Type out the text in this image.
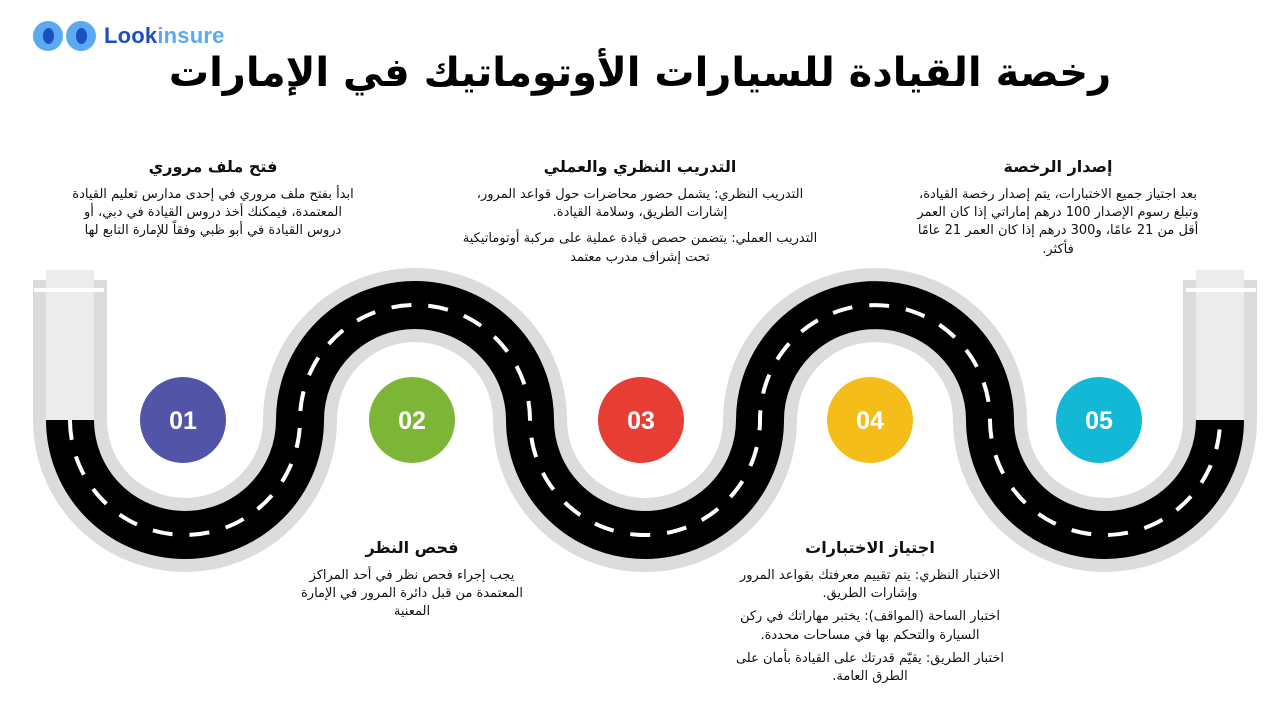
Lookinsure
رخصة القيادة للسيارات الأوتوماتيك في الإمارات
01	02	03	04	05
فتح ملف مروري

ابدأ بفتح ملف مروري في إحدى مدارس تعليم القيادة المعتمدة، فيمكنك أخذ دروس القيادة في دبي، أو دروس القيادة في أبو ظبي وفقاً للإمارة التابع لها

التدريب النظري والعملي

التدريب النظري: يشمل حضور محاضرات حول قواعد المرور، إشارات الطريق، وسلامة القيادة.

التدريب العملي: يتضمن حصص قيادة عملية على مركبة أوتوماتيكية تحت إشراف مدرب معتمد

إصدار الرخصة

بعد اجتياز جميع الاختبارات، يتم إصدار رخصة القيادة، وتبلغ رسوم الإصدار 100 درهم إماراتي إذا كان العمر أقل من 21 عامًا، و300 درهم إذا كان العمر 21 عامًا فأكثر.

فحص النظر

يجب إجراء فحص نظر في أحد المراكز المعتمدة من قبل دائرة المرور في الإمارة المعنية

اجتياز الاختبارات

الاختبار النظري: يتم تقييم معرفتك بقواعد المرور وإشارات الطريق.

اختبار الساحة (المواقف): يختبر مهاراتك في ركن السيارة والتحكم بها في مساحات محددة.

اختبار الطريق: يقيّم قدرتك على القيادة بأمان على الطرق العامة.
